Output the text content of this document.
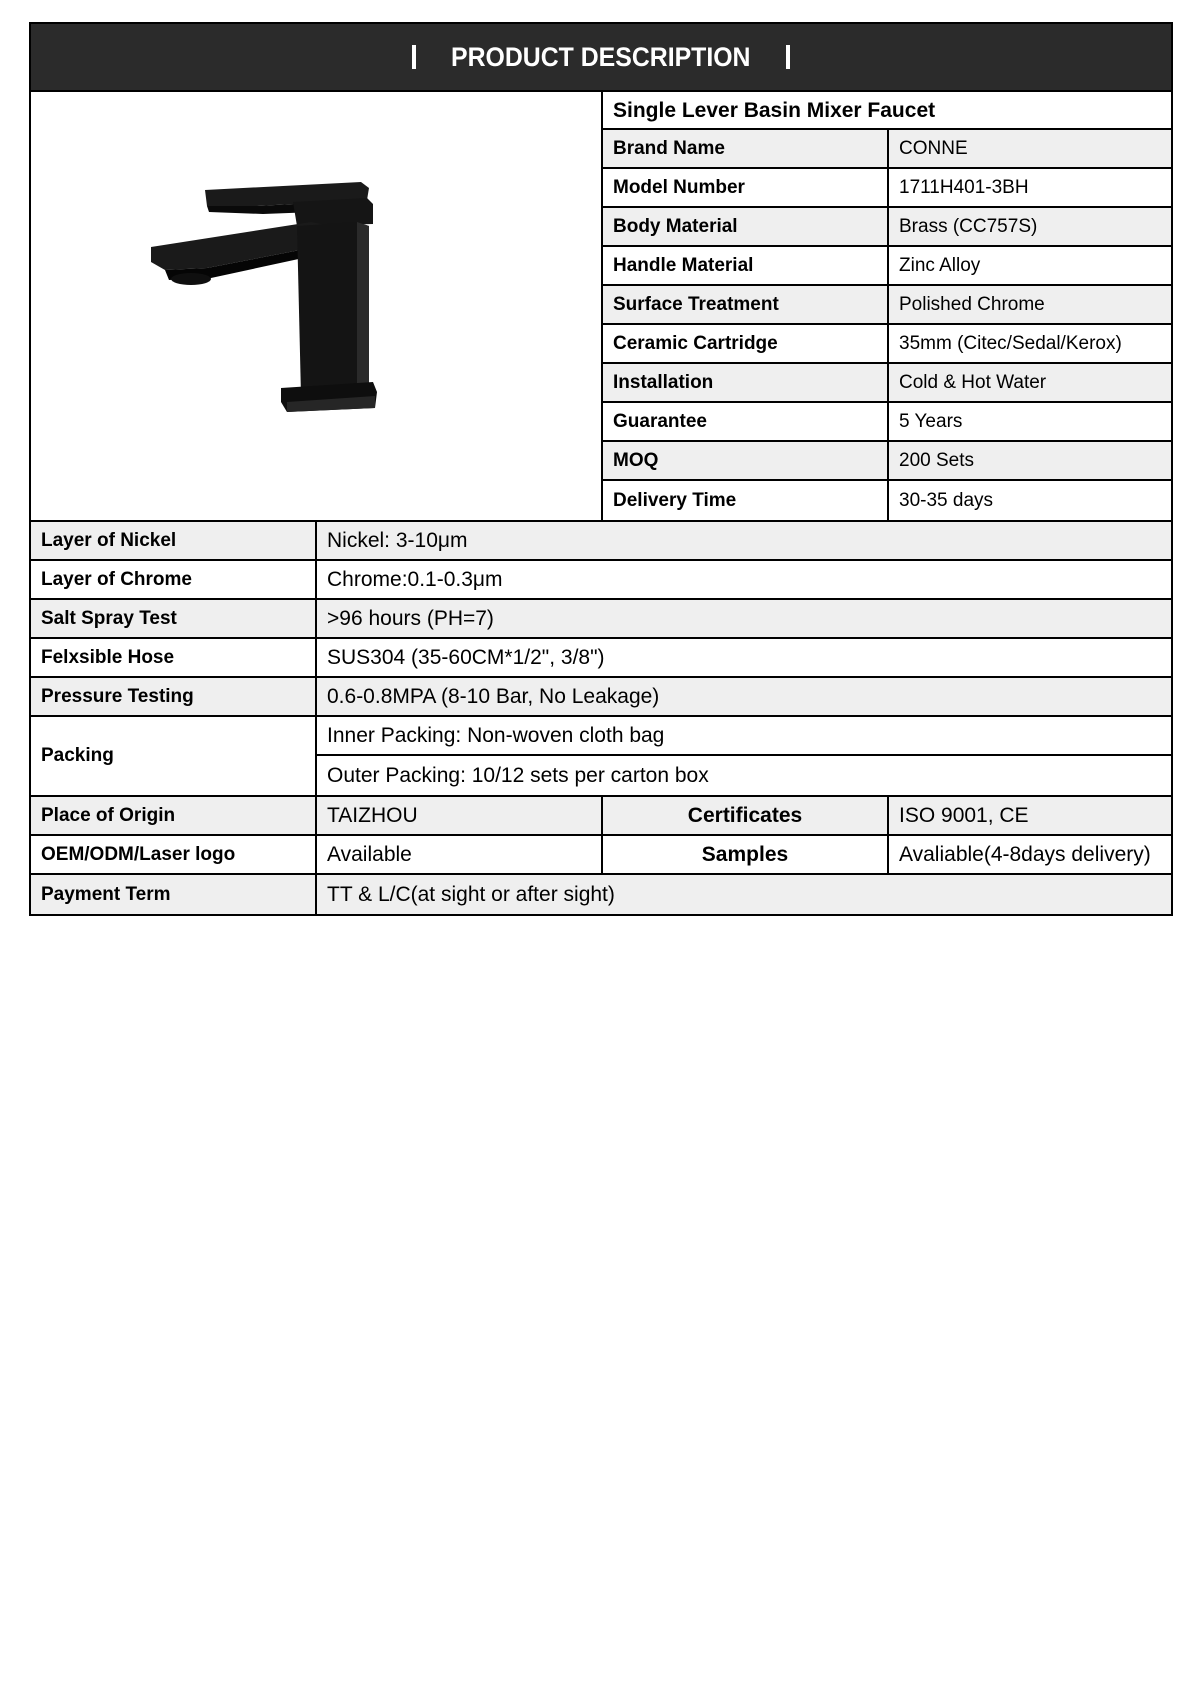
PRODUCT DESCRIPTION
Single Lever Basin Mixer Faucet
Brand Name	CONNE
Model Number	1711H401-3BH
Body Material	Brass (CC757S)
Handle Material	Zinc Alloy
Surface Treatment	Polished Chrome
Ceramic Cartridge	35mm (Citec/Sedal/Kerox)
Installation	Cold & Hot Water
Guarantee	5 Years
MOQ	200 Sets
Delivery Time	30-35 days
Layer of Nickel	Nickel: 3-10μm
Layer of Chrome	Chrome:0.1-0.3μm
Salt Spray Test	>96 hours (PH=7)
Felxsible Hose	SUS304 (35-60CM*1/2", 3/8")
Pressure Testing	0.6-0.8MPA (8-10 Bar, No Leakage)
Packing
Inner Packing: Non-woven cloth bag
Outer Packing: 10/12 sets per carton box
Place of Origin	TAIZHOU	Certificates	ISO 9001, CE
OEM/ODM/Laser logo	Available	Samples	Avaliable(4-8days delivery)
Payment Term	TT & L/C(at sight or after sight)
